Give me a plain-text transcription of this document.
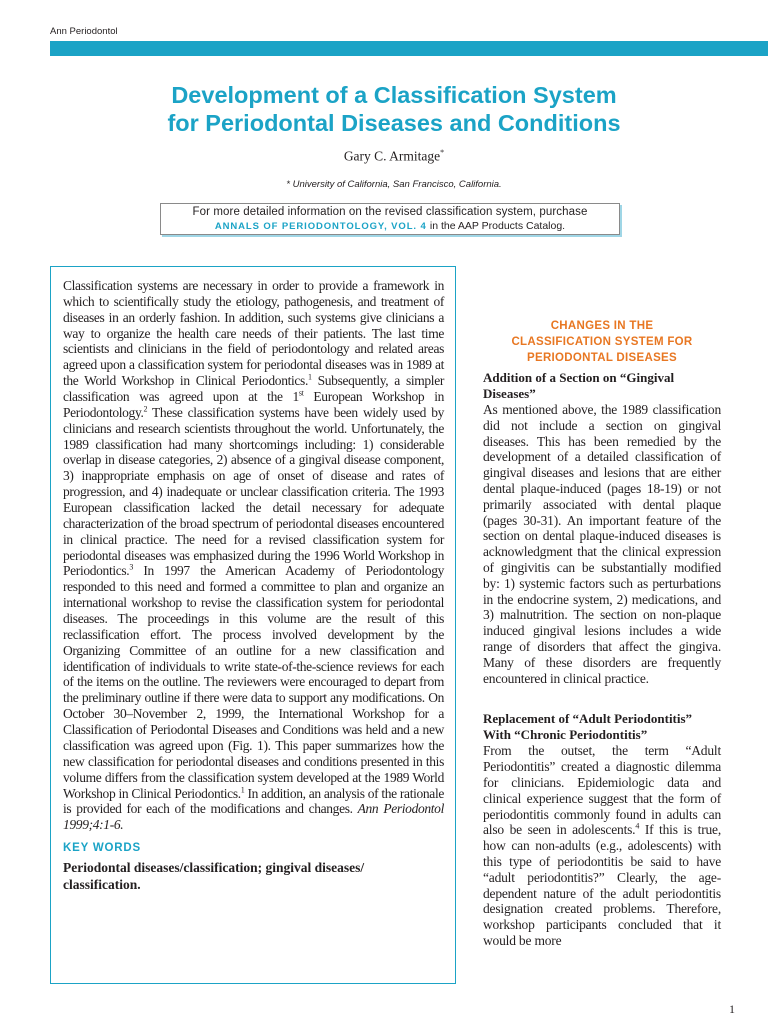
Ann Periodontol
Development of a Classification System
for Periodontal Diseases and Conditions
Gary C. Armitage*
* University of California, San Francisco, California.
For more detailed information on the revised classification system, purchase
ANNALS OF PERIODONTOLOGY, VOL. 4 in the AAP Products Catalog.

Classification systems are necessary in order to provide a framework in which to scientifically study the etiology, pathogenesis, and treatment of diseases in an orderly fashion. In addition, such systems give clinicians a way to organize the health care needs of their patients. The last time scientists and clinicians in the field of periodontology and related areas agreed upon a classification system for periodontal diseases was in 1989 at the World Workshop in Clinical Periodontics.$^1$ Subsequently, a simpler classification was agreed upon at the 1st European Workshop in Periodontology.$^2$ These classification systems have been widely used by clinicians and research scientists throughout the world. Unfortunately, the 1989 classification had many shortcomings including: 1) considerable overlap in disease categories, 2) absence of a gingival disease component, 3) inappropriate emphasis on age of onset of disease and rates of progression, and 4) inadequate or unclear classification criteria. The 1993 European classification lacked the detail necessary for adequate characterization of the broad spectrum of periodontal diseases encountered in clinical practice. The need for a revised classification system for periodontal diseases was emphasized during the 1996 World Workshop in Periodontics.$^3$ In 1997 the American Academy of Periodontology responded to this need and formed a committee to plan and organize an international workshop to revise the classification system for periodontal diseases. The proceedings in this volume are the result of this reclassification effort. The process involved development by the Organizing Committee of an outline for a new classification and identification of individuals to write state-of-the-science reviews for each of the items on the outline. The reviewers were encouraged to depart from the preliminary outline if there were data to support any modifications. On October 30–November 2, 1999, the International Workshop for a Classification of Periodontal Diseases and Conditions was held and a new classification was agreed upon (Fig. 1). This paper summarizes how the new classification for periodontal diseases and conditions presented in this volume differs from the classification system developed at the 1989 World Workshop in Clinical Periodontics.$^1$ In addition, an analysis of the rationale is provided for each of the modifications and changes. Ann Periodontol 1999;4:1-6.

KEY WORDS
Periodontal diseases/classification; gingival diseases/ classification.
CHANGES IN THE
CLASSIFICATION SYSTEM FOR
PERIODONTAL DISEASES
Addition of a Section on “Gingival Diseases”

As mentioned above, the 1989 classification did not include a section on gingival diseases. This has been remedied by the development of a detailed classification of gingival diseases and lesions that are either dental plaque-induced (pages 18-19) or not primarily associated with dental plaque (pages 30-31). An important feature of the section on dental plaque-induced diseases is acknowledgment that the clinical expression of gingivitis can be substantially modified by: 1) systemic factors such as perturbations in the endocrine system, 2) medications, and 3) malnutrition. The section on non-plaque induced gingival lesions includes a wide range of disorders that affect the gingiva. Many of these disorders are frequently encountered in clinical practice.

Replacement of “Adult Periodontitis” With “Chronic Periodontitis”

From the outset, the term “Adult Periodontitis” created a diagnostic dilemma for clinicians. Epidemiologic data and clinical experience suggest that the form of periodontitis commonly found in adults can also be seen in adolescents.$^4$ If this is true, how can non-adults (e.g., adolescents) with this type of periodontitis be said to have “adult periodontitis?” Clearly, the age-dependent nature of the adult periodontitis designation created problems. Therefore, workshop participants concluded that it would be more

1
